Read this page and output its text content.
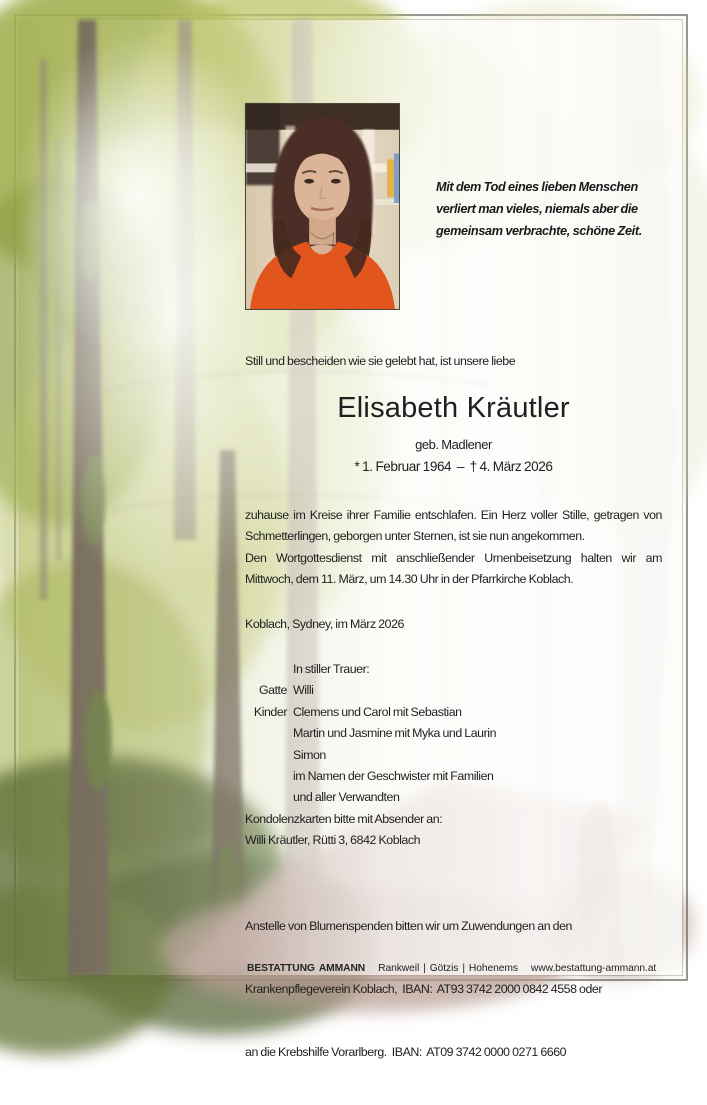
Mit dem Tod eines lieben Menschen
verliert man vieles, niemals aber die
gemeinsam verbrachte, schöne Zeit.
Still und bescheiden wie sie gelebt hat, ist unsere liebe
Elisabeth Kräutler
geb. Madlener
* 1. Februar 1964  –  † 4. März 2026
zuhause im Kreise ihrer Familie entschlafen. Ein Herz voller Stille, getragen von Schmetterlingen, geborgen unter Sternen, ist sie nun angekommen.
Den Wortgottesdienst mit anschließender Urnenbeisetzung halten wir am Mittwoch, dem 11. März, um 14.30 Uhr in der Pfarrkirche Koblach.
Koblach, Sydney, im März 2026
In stiller Trauer:
Gatte Willi
Kinder Clemens und Carol mit Sebastian
Martin und Jasmine mit Myka und Laurin
Simon
im Namen der Geschwister mit Familien
und aller Verwandten
Kondolenzkarten bitte mit Absender an:
Willi Kräutler, Rütti 3, 6842 Koblach

Anstelle von Blumenspenden bitten wir um Zuwendungen an den

Krankenpflegeverein Koblach,  IBAN:  AT93 3742 2000 0842 4558 oder

an die Krebshilfe Vorarlberg.  IBAN:  AT09 3742 0000 0271 6660

BESTATTUNG AMMANN Rankweil | Götzis | Hohenems www.bestattung-ammann.at
